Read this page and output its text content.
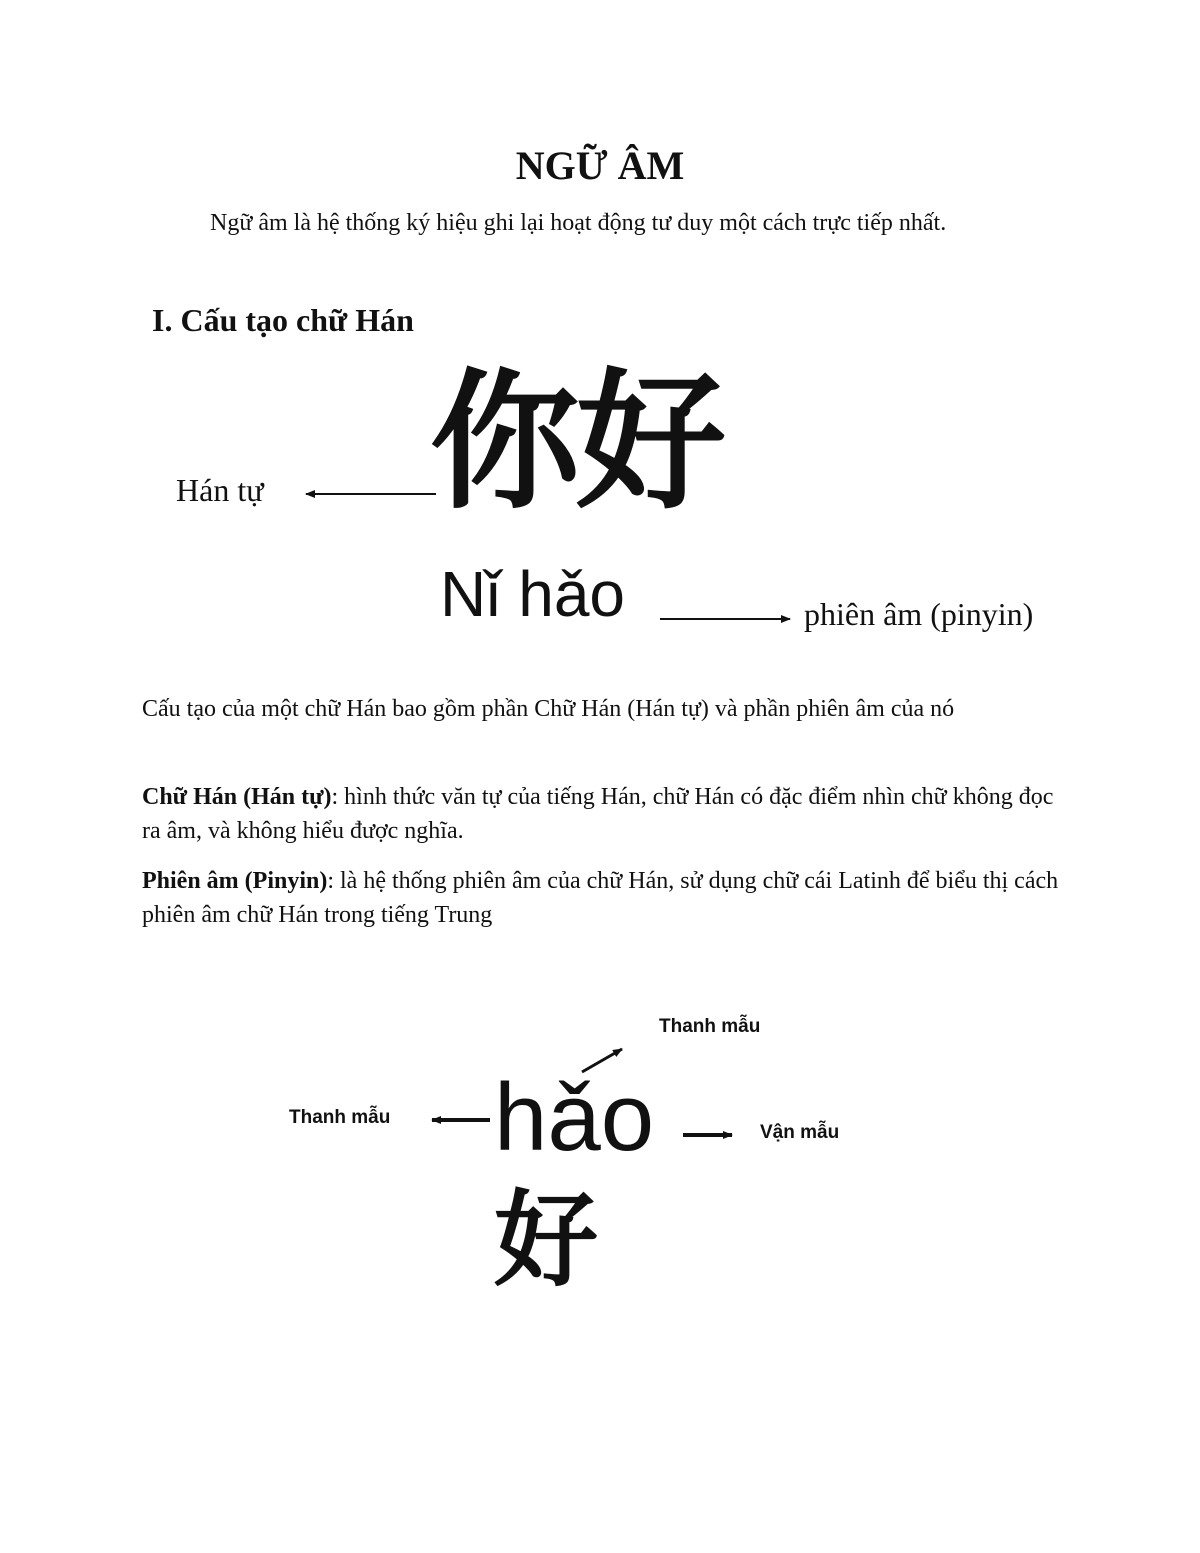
NGỮ ÂM
Ngữ âm là hệ thống ký hiệu ghi lại hoạt động tư duy một cách trực tiếp nhất.
I. Cấu tạo chữ Hán
你好
Hán tự
Nǐ hǎo	phiên âm (pinyin)
Cấu tạo của một chữ Hán bao gồm phần Chữ Hán (Hán tự) và phần phiên âm của nó
Chữ Hán (Hán tự): hình thức văn tự của tiếng Hán, chữ Hán có đặc điểm nhìn chữ không đọc ra âm, và không hiểu được nghĩa.
Phiên âm (Pinyin): là hệ thống phiên âm của chữ Hán, sử dụng chữ cái Latinh để biểu thị cách phiên âm chữ Hán trong tiếng Trung
Thanh mẫu
Thanh mẫu
Vận mẫu
hǎo
好
